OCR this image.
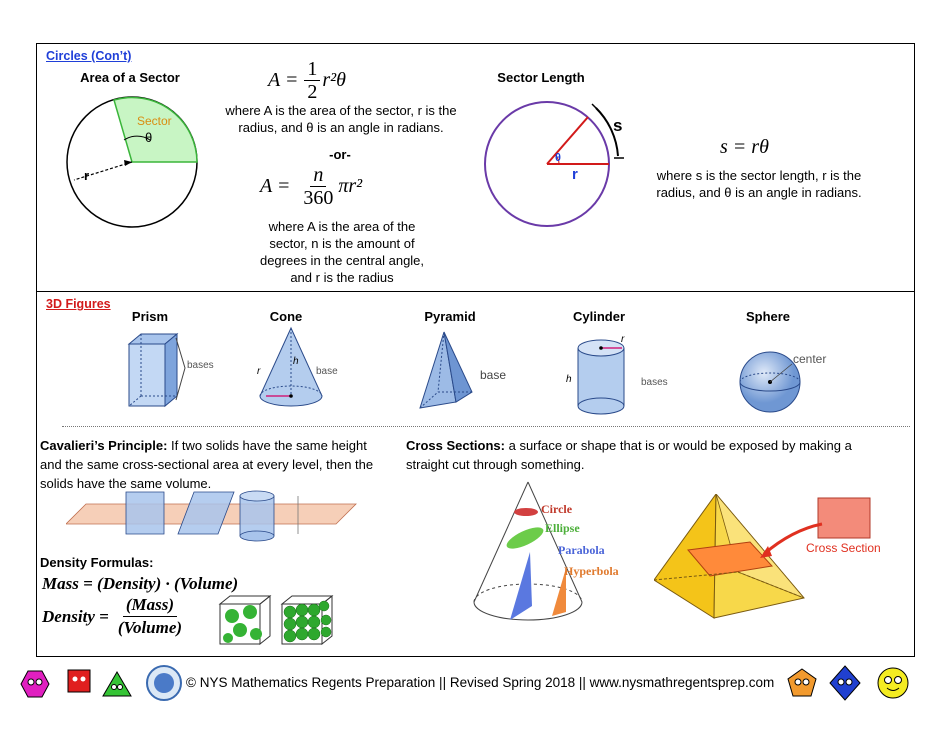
Circles (Con’t)
Area of a Sector
Sector
θ
r
$A = \frac{1}{2} r^2\theta$
where A is the area of the sector, r is the radius, and θ is an angle in radians.
-or-
$A = \frac{n}{360} \pi r^2$
where A is the area of the sector, n is the amount of degrees in the central angle, and r is the radius
Sector Length
θ
r
s
s = rθ
where s is the sector length, r is the radius, and θ is an angle in radians.
3D Figures
Prism	Cone	Pyramid	Cylinder	Sphere
bases
r
h
base	base
r
h	bases
center
Cavalieri’s Principle: If two solids have the same height and the same cross-sectional area at every level, then the solids have the same volume.
Density Formulas:
Mass = (Density) · (Volume)
Density = $\frac{\text{(Mass)}}{\text{(Volume)}}$
Cross Sections: a surface or shape that is or would be exposed by making a straight cut through something.
Circle
Ellipse
Parabola
Hyperbola
Cross Section
© NYS Mathematics Regents Preparation || Revised Spring 2018 || www.nysmathregentsprep.com
